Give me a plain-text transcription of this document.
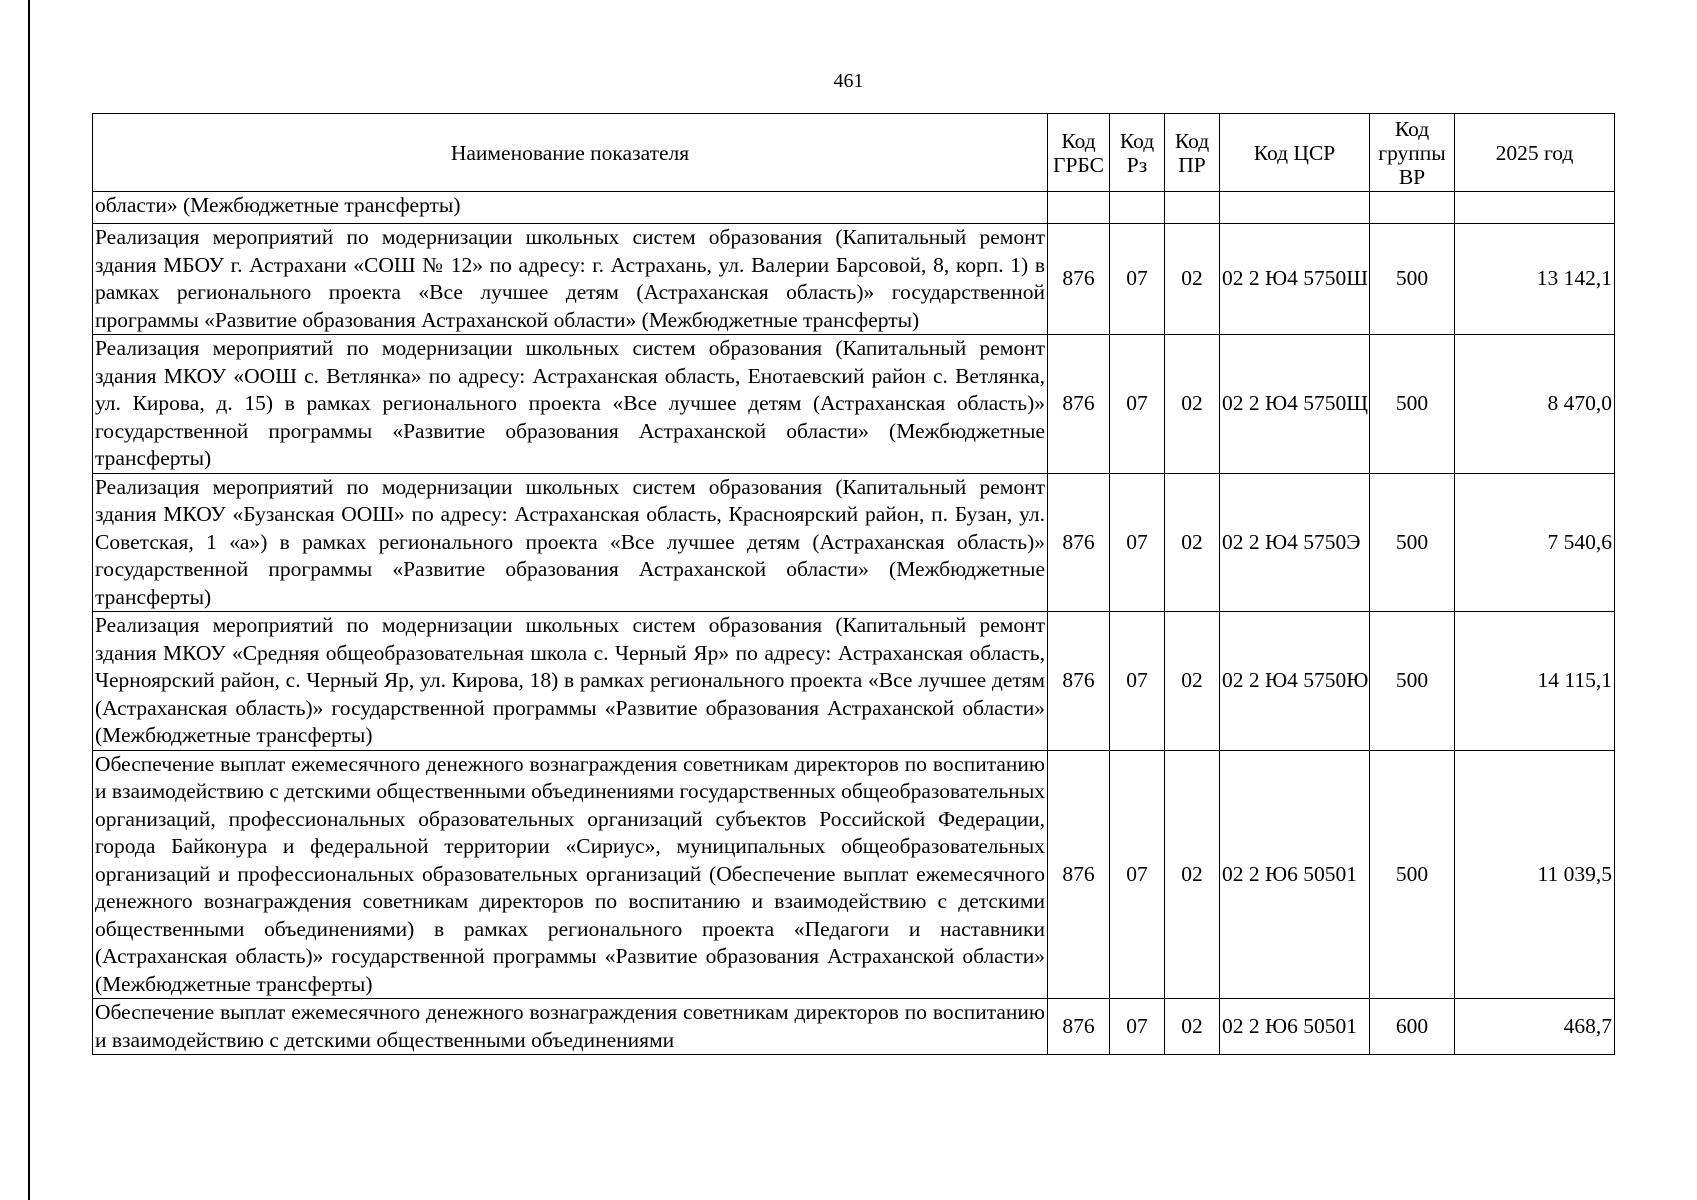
461
Наименование показателя	Код ГРБС	Код Рз	Код ПР	Код ЦСР	Код группы ВР	2025 год
области» (Межбюджетные трансферты)						
Реализация мероприятий по модернизации школьных систем образования (Капитальный ремонт здания МБОУ г. Астрахани «СОШ № 12» по адресу: г. Астрахань, ул. Валерии Барсовой, 8, корп. 1) в рамках регионального проекта «Все лучшее детям (Астраханская область)» государственной программы «Развитие образования Астраханской области» (Межбюджетные трансферты)	876	07	02	02 2 Ю4 5750Ш	500	13 142,1
Реализация мероприятий по модернизации школьных систем образования (Капитальный ремонт здания МКОУ «ООШ с. Ветлянка» по адресу: Астраханская область, Енотаевский район с. Ветлянка, ул. Кирова, д. 15) в рамках регионального проекта «Все лучшее детям (Астраханская область)» государственной программы «Развитие образования Астраханской области» (Межбюджетные трансферты)	876	07	02	02 2 Ю4 5750Щ	500	8 470,0
Реализация мероприятий по модернизации школьных систем образования (Капитальный ремонт здания МКОУ «Бузанская ООШ» по адресу: Астраханская область, Красноярский район, п. Бузан, ул. Советская, 1 «а») в рамках регионального проекта «Все лучшее детям (Астраханская область)» государственной программы «Развитие образования Астраханской области» (Межбюджетные трансферты)	876	07	02	02 2 Ю4 5750Э	500	7 540,6
Реализация мероприятий по модернизации школьных систем образования (Капитальный ремонт здания МКОУ «Средняя общеобразовательная школа с. Черный Яр» по адресу: Астраханская область, Черноярский район, с. Черный Яр, ул. Кирова, 18) в рамках регионального проекта «Все лучшее детям (Астраханская область)» государственной программы «Развитие образования Астраханской области» (Межбюджетные трансферты)	876	07	02	02 2 Ю4 5750Ю	500	14 115,1
Обеспечение выплат ежемесячного денежного вознаграждения советникам директоров по воспитанию и взаимодействию с детскими общественными объединениями государственных общеобразовательных организаций, профессиональных образовательных организаций субъектов Российской Федерации, города Байконура и федеральной территории «Сириус», муниципальных общеобразовательных организаций и профессиональных образовательных организаций (Обеспечение выплат ежемесячного денежного вознаграждения советникам директоров по воспитанию и взаимодействию с детскими общественными объединениями) в рамках регионального проекта «Педагоги и наставники (Астраханская область)» государственной программы «Развитие образования Астраханской области» (Межбюджетные трансферты)	876	07	02	02 2 Ю6 50501	500	11 039,5
Обеспечение выплат ежемесячного денежного вознаграждения советникам директоров по воспитанию и взаимодействию с детскими общественными объединениями	876	07	02	02 2 Ю6 50501	600	468,7
